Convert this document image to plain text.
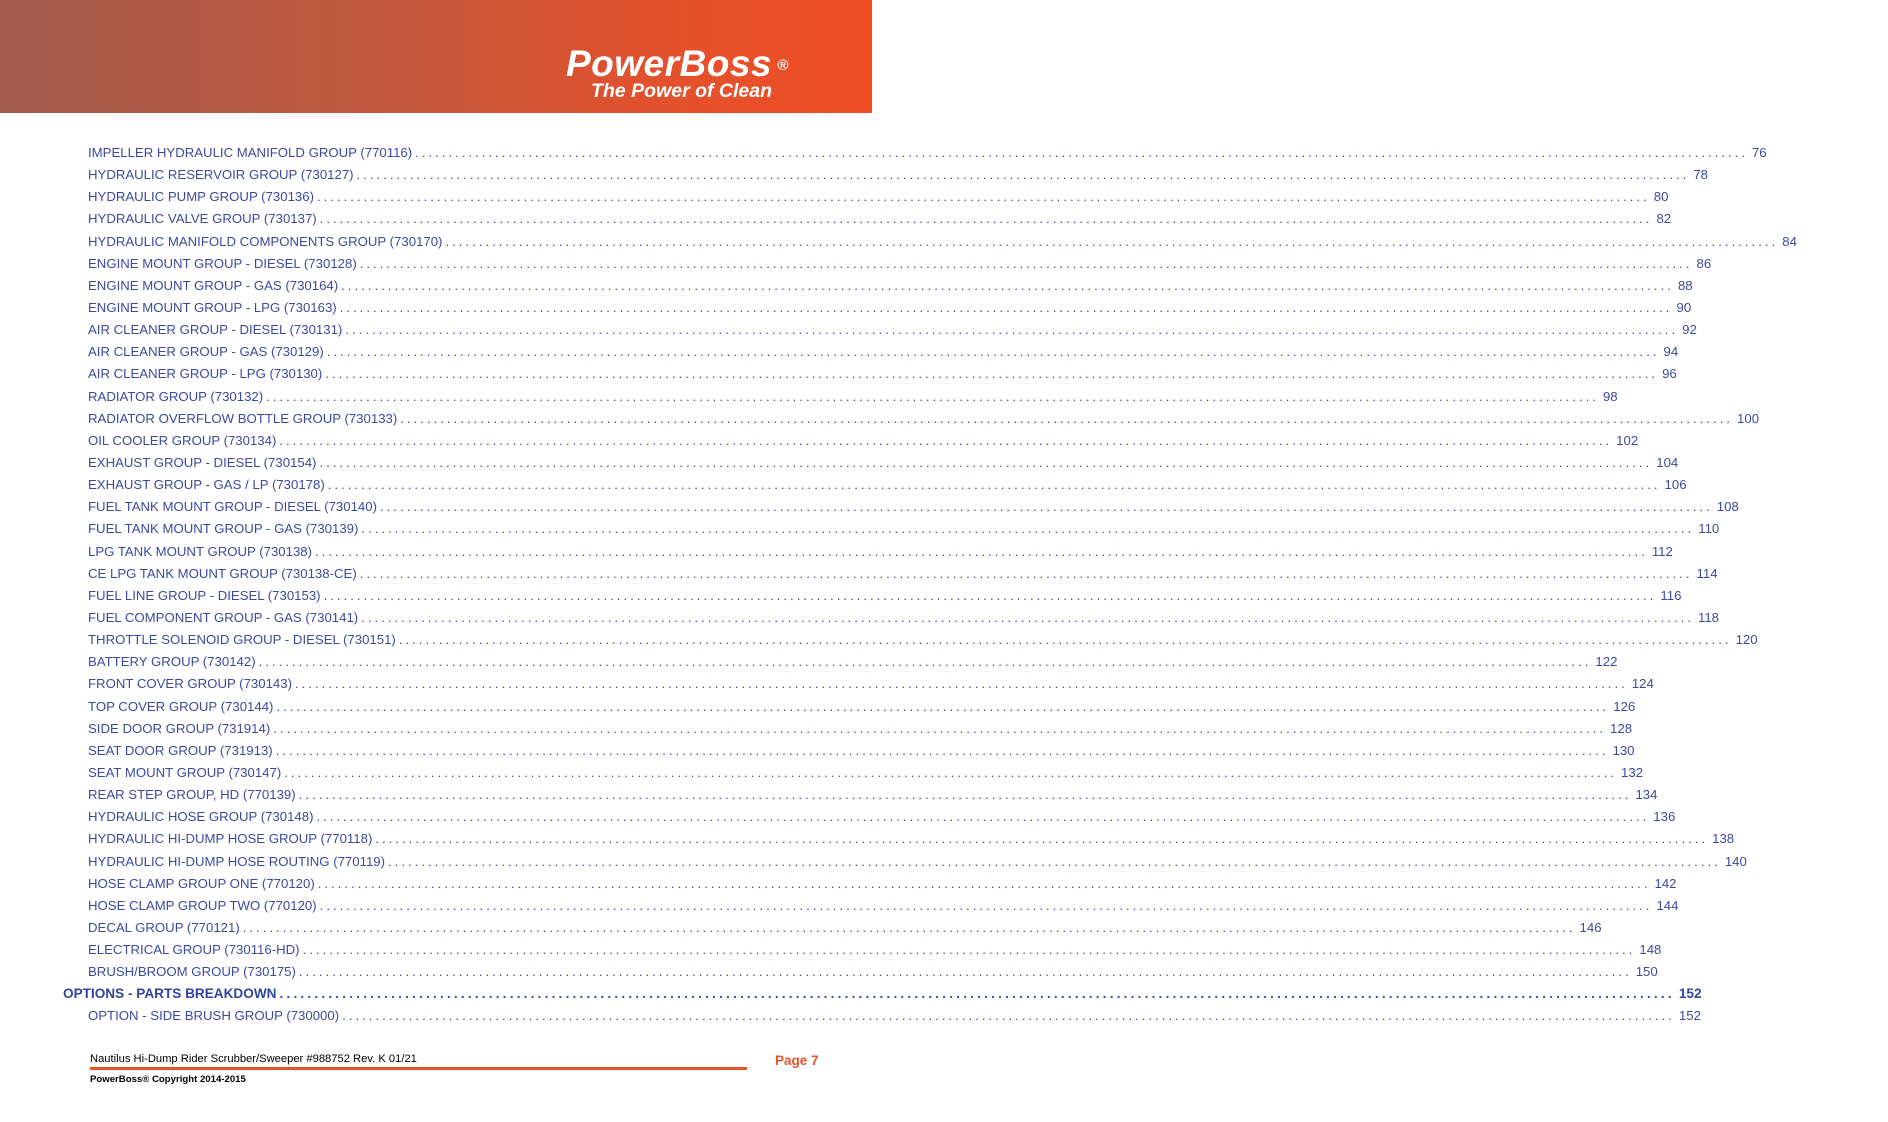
PowerBoss ®
The Power of Clean
IMPELLER HYDRAULIC MANIFOLD GROUP (770116) ........................................................................................................................................................................................................ 76
HYDRAULIC RESERVOIR GROUP (730127) ........................................................................................................................................................................................................ 78
HYDRAULIC PUMP GROUP (730136) ........................................................................................................................................................................................................ 80
HYDRAULIC VALVE GROUP (730137) ........................................................................................................................................................................................................ 82
HYDRAULIC MANIFOLD COMPONENTS GROUP (730170) ........................................................................................................................................................................................................ 84
ENGINE MOUNT GROUP - DIESEL (730128) ........................................................................................................................................................................................................ 86
ENGINE MOUNT GROUP - GAS (730164) ........................................................................................................................................................................................................ 88
ENGINE MOUNT GROUP - LPG (730163) ........................................................................................................................................................................................................ 90
AIR CLEANER GROUP - DIESEL (730131) ........................................................................................................................................................................................................ 92
AIR CLEANER GROUP - GAS (730129) ........................................................................................................................................................................................................ 94
AIR CLEANER GROUP - LPG (730130) ........................................................................................................................................................................................................ 96
RADIATOR GROUP (730132) ........................................................................................................................................................................................................ 98
RADIATOR OVERFLOW BOTTLE GROUP (730133) ........................................................................................................................................................................................................ 100
OIL COOLER GROUP (730134) ........................................................................................................................................................................................................ 102
EXHAUST GROUP - DIESEL (730154) ........................................................................................................................................................................................................ 104
EXHAUST GROUP - GAS / LP (730178) ........................................................................................................................................................................................................ 106
FUEL TANK MOUNT GROUP - DIESEL (730140) ........................................................................................................................................................................................................ 108
FUEL TANK MOUNT GROUP - GAS (730139) ........................................................................................................................................................................................................ 110
LPG TANK MOUNT GROUP (730138) ........................................................................................................................................................................................................ 112
CE LPG TANK MOUNT GROUP (730138-CE) ........................................................................................................................................................................................................ 114
FUEL LINE GROUP - DIESEL (730153) ........................................................................................................................................................................................................ 116
FUEL COMPONENT GROUP - GAS (730141) ........................................................................................................................................................................................................ 118
THROTTLE SOLENOID GROUP - DIESEL (730151) ........................................................................................................................................................................................................ 120
BATTERY GROUP (730142) ........................................................................................................................................................................................................ 122
FRONT COVER GROUP (730143) ........................................................................................................................................................................................................ 124
TOP COVER GROUP (730144) ........................................................................................................................................................................................................ 126
SIDE DOOR GROUP (731914) ........................................................................................................................................................................................................ 128
SEAT DOOR GROUP (731913) ........................................................................................................................................................................................................ 130
SEAT MOUNT GROUP (730147) ........................................................................................................................................................................................................ 132
REAR STEP GROUP, HD (770139) ........................................................................................................................................................................................................ 134
HYDRAULIC HOSE GROUP (730148) ........................................................................................................................................................................................................ 136
HYDRAULIC HI-DUMP HOSE GROUP (770118) ........................................................................................................................................................................................................ 138
HYDRAULIC HI-DUMP HOSE ROUTING (770119) ........................................................................................................................................................................................................ 140
HOSE CLAMP GROUP ONE (770120) ........................................................................................................................................................................................................ 142
HOSE CLAMP GROUP TWO (770120) ........................................................................................................................................................................................................ 144
DECAL GROUP (770121) ........................................................................................................................................................................................................ 146
ELECTRICAL GROUP (730116-HD) ........................................................................................................................................................................................................ 148
BRUSH/BROOM GROUP (730175) ........................................................................................................................................................................................................ 150
OPTIONS - PARTS BREAKDOWN ........................................................................................................................................................................................................ 152
OPTION - SIDE BRUSH GROUP (730000) ........................................................................................................................................................................................................ 152
Nautilus Hi-Dump Rider Scrubber/Sweeper #988752 Rev. K 01/21	Page 7
PowerBoss® Copyright 2014-2015
